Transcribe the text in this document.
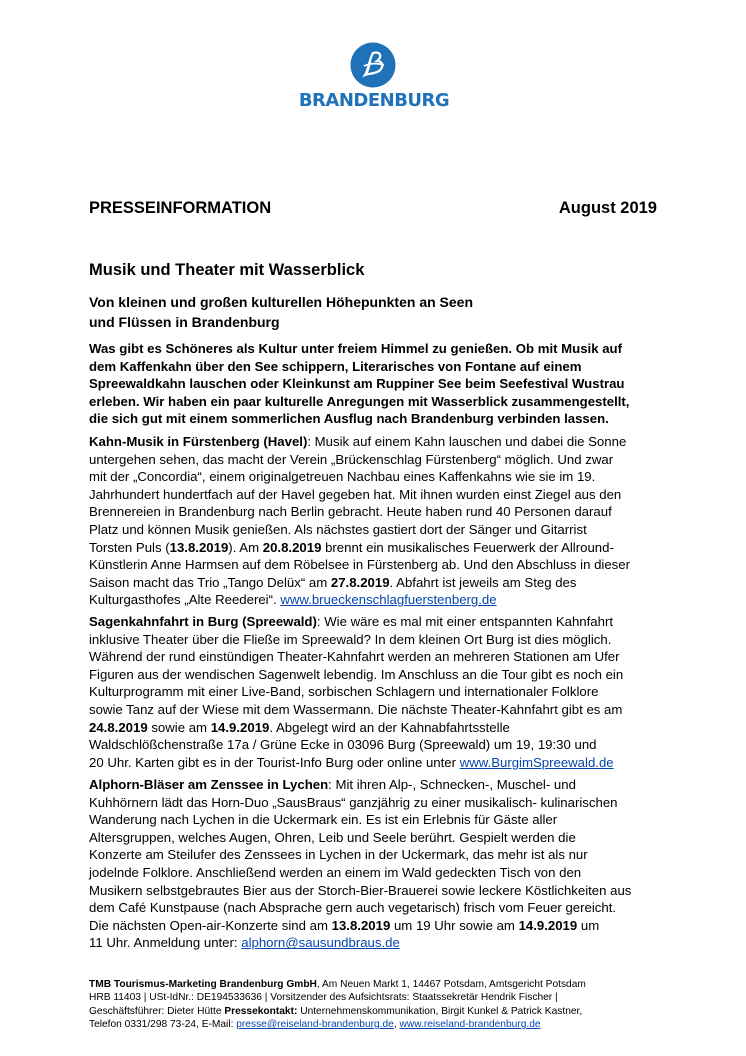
BRANDENBURG
PRESSEINFORMATION	August 2019
Musik und Theater mit Wasserblick
Von kleinen und großen kulturellen Höhepunkten an Seen
und Flüssen in Brandenburg
Was gibt es Schöneres als Kultur unter freiem Himmel zu genießen. Ob mit Musik auf
dem Kaffenkahn über den See schippern, Literarisches von Fontane auf einem
Spreewaldkahn lauschen oder Kleinkunst am Ruppiner See beim Seefestival Wustrau
erleben. Wir haben ein paar kulturelle Anregungen mit Wasserblick zusammengestellt,
die sich gut mit einem sommerlichen Ausflug nach Brandenburg verbinden lassen.
Kahn-Musik in Fürstenberg (Havel): Musik auf einem Kahn lauschen und dabei die Sonne
untergehen sehen, das macht der Verein „Brückenschlag Fürstenberg“ möglich. Und zwar
mit der „Concordia“, einem originalgetreuen Nachbau eines Kaffenkahns wie sie im 19.
Jahrhundert hundertfach auf der Havel gegeben hat. Mit ihnen wurden einst Ziegel aus den
Brennereien in Brandenburg nach Berlin gebracht. Heute haben rund 40 Personen darauf
Platz und können Musik genießen. Als nächstes gastiert dort der Sänger und Gitarrist
Torsten Puls (13.8.2019). Am 20.8.2019 brennt ein musikalisches Feuerwerk der Allround-
Künstlerin Anne Harmsen auf dem Röbelsee in Fürstenberg ab. Und den Abschluss in dieser
Saison macht das Trio „Tango Delüx“ am 27.8.2019. Abfahrt ist jeweils am Steg des
Kulturgasthofes „Alte Reederei“. www.brueckenschlagfuerstenberg.de
Sagenkahnfahrt in Burg (Spreewald): Wie wäre es mal mit einer entspannten Kahnfahrt
inklusive Theater über die Fließe im Spreewald? In dem kleinen Ort Burg ist dies möglich.
Während der rund einstündigen Theater-Kahnfahrt werden an mehreren Stationen am Ufer
Figuren aus der wendischen Sagenwelt lebendig. Im Anschluss an die Tour gibt es noch ein
Kulturprogramm mit einer Live-Band, sorbischen Schlagern und internationaler Folklore
sowie Tanz auf der Wiese mit dem Wassermann. Die nächste Theater-Kahnfahrt gibt es am
24.8.2019 sowie am 14.9.2019. Abgelegt wird an der Kahnabfahrtsstelle
Waldschlößchenstraße 17a / Grüne Ecke in 03096 Burg (Spreewald) um 19, 19:30 und
20 Uhr. Karten gibt es in der Tourist-Info Burg oder online unter www.BurgimSpreewald.de
Alphorn-Bläser am Zenssee in Lychen: Mit ihren Alp-, Schnecken-, Muschel- und
Kuhhörnern lädt das Horn-Duo „SausBraus“ ganzjährig zu einer musikalisch- kulinarischen
Wanderung nach Lychen in die Uckermark ein. Es ist ein Erlebnis für Gäste aller
Altersgruppen, welches Augen, Ohren, Leib und Seele berührt. Gespielt werden die
Konzerte am Steilufer des Zenssees in Lychen in der Uckermark, das mehr ist als nur
jodelnde Folklore. Anschließend werden an einem im Wald gedeckten Tisch von den
Musikern selbstgebrautes Bier aus der Storch-Bier-Brauerei sowie leckere Köstlichkeiten aus
dem Café Kunstpause (nach Absprache gern auch vegetarisch) frisch vom Feuer gereicht.
Die nächsten Open-air-Konzerte sind am 13.8.2019 um 19 Uhr sowie am 14.9.2019 um
11 Uhr. Anmeldung unter: alphorn@sausundbraus.de
TMB Tourismus-Marketing Brandenburg GmbH, Am Neuen Markt 1, 14467 Potsdam, Amtsgericht Potsdam
HRB 11403 | USt-IdNr.: DE194533636 | Vorsitzender des Aufsichtsrats: Staatssekretär Hendrik Fischer |
Geschäftsführer: Dieter Hütte Pressekontakt: Unternehmenskommunikation, Birgit Kunkel & Patrick Kastner,
Telefon 0331/298 73-24, E-Mail: presse@reiseland-brandenburg.de, www.reiseland-brandenburg.de
